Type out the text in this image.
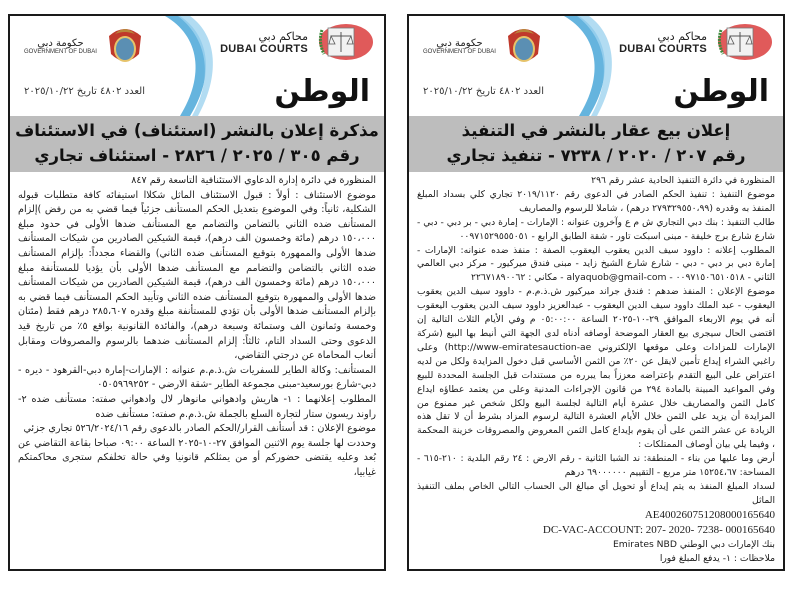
محاكم دبي
DUBAI COURTS
حكومة دبي
GOVERNMENT OF DUBAI
الوطن
العدد ٤٨٠٢ تاريخ ٢٠٢٥/١٠/٢٢
مذكرة إعلان بالنشر (استئناف) في الاستئناف
رقم ٣٠٥ / ٢٠٢٥ / ٢٨٢٦ - استئناف تجاري

المنظورة في دائرة إدارة الدعاوي الاستئنافية التاسعة رقم ٨٤٧

موضوع الاستئناف : أولاً : قبول الاستئناف الماثل شكلاا استيفائه كافة متطلبات قبوله الشكلية، ثانياً: وفي الموضوع بتعديل الحكم المستأنف جزئياً فيما قضي به من رفض )إلزام المستأنف ضده الثاني بالتضامن والتضامم مع المستأنف ضدها الأولى في حدود مبلغ ١٥٠،٠٠٠ درهم (مائة وخمسون الف درهم)، قيمة الشيكين الصادرين من شيكات المستأنف ضدها الأولى والممهورة بتوقيع المستأنف ضده الثاني) والقضاء مجدداً: بإلزام المستأنف ضده الثاني بالتضامن والتضامم مع المستأنف ضدها الأولى بأن يؤديا للمستأنفة مبلغ ١٥٠،٠٠٠ درهم (مائة وخمسون الف درهم)، قيمة الشيكين الصادرين من شيكات المستأنف ضدها الأولى والممهورة بتوقيع المستأنف ضده الثاني وتأييد الحكم المستأنف فيما قضي به بإلزام المستأنف ضدها الأولى بأن تؤدي للمستأنفة مبلغ وقدره ٢٨٥،٦٠٧ درهم فقط (مئتان وخمسة وثمانون الف وستمائة وسبعة درهم)، والفائدة القانونية بواقع ٥٪ من تاريخ قيد الدعوى وحتى السداد التام، ثالثاً: إلزام المستأنف ضدهما بالرسوم والمصروفات ومقابل أتعاب المحاماة عن درجتي التقاضي،

المستأنف: وكالة الطاير للسفريات ش.ذ.م.م عنوانه : الإمارات-إمارة دبي-القرهود - ديره - دبي-شارع بورسعيد-مبنى مجموعة الطاير -شقة الارضي - ٠٥٠٥٩٦٩٢٥٢

المطلوب إعلانهما : ١- هاريش وادهواني مانوهار لال وادهواني صفته: مستأنف ضده ٢- راوند ريسون ستار لتجارة السلع بالجملة ش.ذ.م.م صفته: مستأنف ضده

موضوع الإعلان : قد أستأنف القرار/الحكم الصادر بالدعوى رقم ٥٢٦/٢٠٢٤/١٦ تجاري جزئي

وحددت لها جلسة يوم الاثنين الموافق ٢٧-١٠-٢٠٢٥ الساعة ٠٩:٠٠ صباحا بقاعة التقاضي عن بُعد وعليه يقتضى حضوركم أو من يمثلكم قانونيا وفي حالة تخلفكم ستجرى محاكمتكم غيابيا،

محاكم دبي
DUBAI COURTS
حكومة دبي
GOVERNMENT OF DUBAI
الوطن
العدد ٤٨٠٢ تاريخ ٢٠٢٥/١٠/٢٢
إعلان بيع عقار بالنشر في التنفيذ
رقم ٢٠٧ / ٢٠٢٠ / ٧٢٣٨ - تنفيذ تجاري

المنظورة في دائرة التنفيذ الحادية عشر رقم ٢٩٦

موضوع التنفيذ : تنفيذ الحكم الصادر في الدعوى رقم ٢٠١٩/١١٢٠ تجاري كلي بسداد المبلغ المنفذ به وقدره (٢٧٩٣٢٩٥٥٠،٩٩ درهم) ، شاملا للرسوم والمصاريف

طالب التنفيذ : بنك دبي التجاري ش م ع وآخرون عنوانه : الإمارات - إمارة دبي - بر دبي - دبي - شارع شارع برج خليفة - مبنى اسبكت تاور - شقة الطابق الرابع - ٠٠٩٧١٥٢٩٥٥٥٠٥١

المطلوب إعلانه : داوود سيف الدين يعقوب اليعقوب الصفة : منفذ ضده عنوانه: الإمارات - إمارة دبي بر دبي - دبي - شارع شارع الشيخ زايد - مبنى فندق ميركيور - مركز دبي العالمي الثاني - ٠٠٩٧١٥٠٦٥١٠٥١٨ - alyaquob@gmail-com - مكاني : ٢٢٦٧١٨٩٠٠٦٢

موضوع الإعلان : المنفذ ضدهم : فندق جراند ميركيور ش.ذ.م.م - داوود سيف الدين يعقوب اليعقوب - عبد الملك داوود سيف الدين اليعقوب - عبدالعزيز داوود سيف الدين يعقوب اليعقوب أنه في يوم الاربعاء الموافق ٢٩-١٠-٢٠٢٥ الساعة ٠٥:٠٠:٠٠ م وفي الأيام الثلاث التالية إن اقتضى الحال سيجرى بيع العقار الموضحة أوصافه أدناه لدى الجهة التي أنيط بها البيع (شركة الإمارات للمزادات وعلى موقعها الإلكتروني http://www-emiratesauction-ae) وعلى راغبي الشراء إيداع تأمين لايقل عن ٢٠٪ من الثمن الأساسي قبل دخول المزايدة ولكل من لديه اعتراض على البيع التقدم بإعتراضه معززاً بما يبرره من مستندات قبل الجلسة المحددة للبيع وفي المواعيد المبينة بالمادة ٢٩٤ من قانون الإجراءات المدنية وعلى من يعتمد عطاؤه ايداع كامل الثمن والمصاريف خلال عشرة أيام التالية لجلسة البيع ولكل شخص غير ممنوع من المزايدة أن يزيد على الثمن خلال الأيام العشرة التالية لرسوم المزاد بشرط أن لا تقل هذه الزيادة عن عشر الثمن على أن يقوم بإيداع كامل الثمن المعروض والمصروفات خزينة المحكمة ، وفيما يلي بيان أوصاف الممتلكات :

أرض وما عليها من بناء - المنطقة: ند الشبا الثانية - رقم الارض : ٢٤ رقم البلدية : ٢١٠-٦١٥ - المساحة: ١٥٢٥٤،٦٧ متر مربع - التقييم ٦٩٠٠٠٠٠٠ درهم

لسداد المبلغ المنفذ به يتم إيداع أو تحويل أي مبالغ الى الحساب التالي الخاص بملف التنفيذ الماثل

AE400260751208000165640

DC-VAC-ACCOUNT: 207- 2020- 7238- 000165640

بنك الإمارات دبي الوطني Emirates NBD

ملاحظات : ١- يدفع المبلغ فورا
